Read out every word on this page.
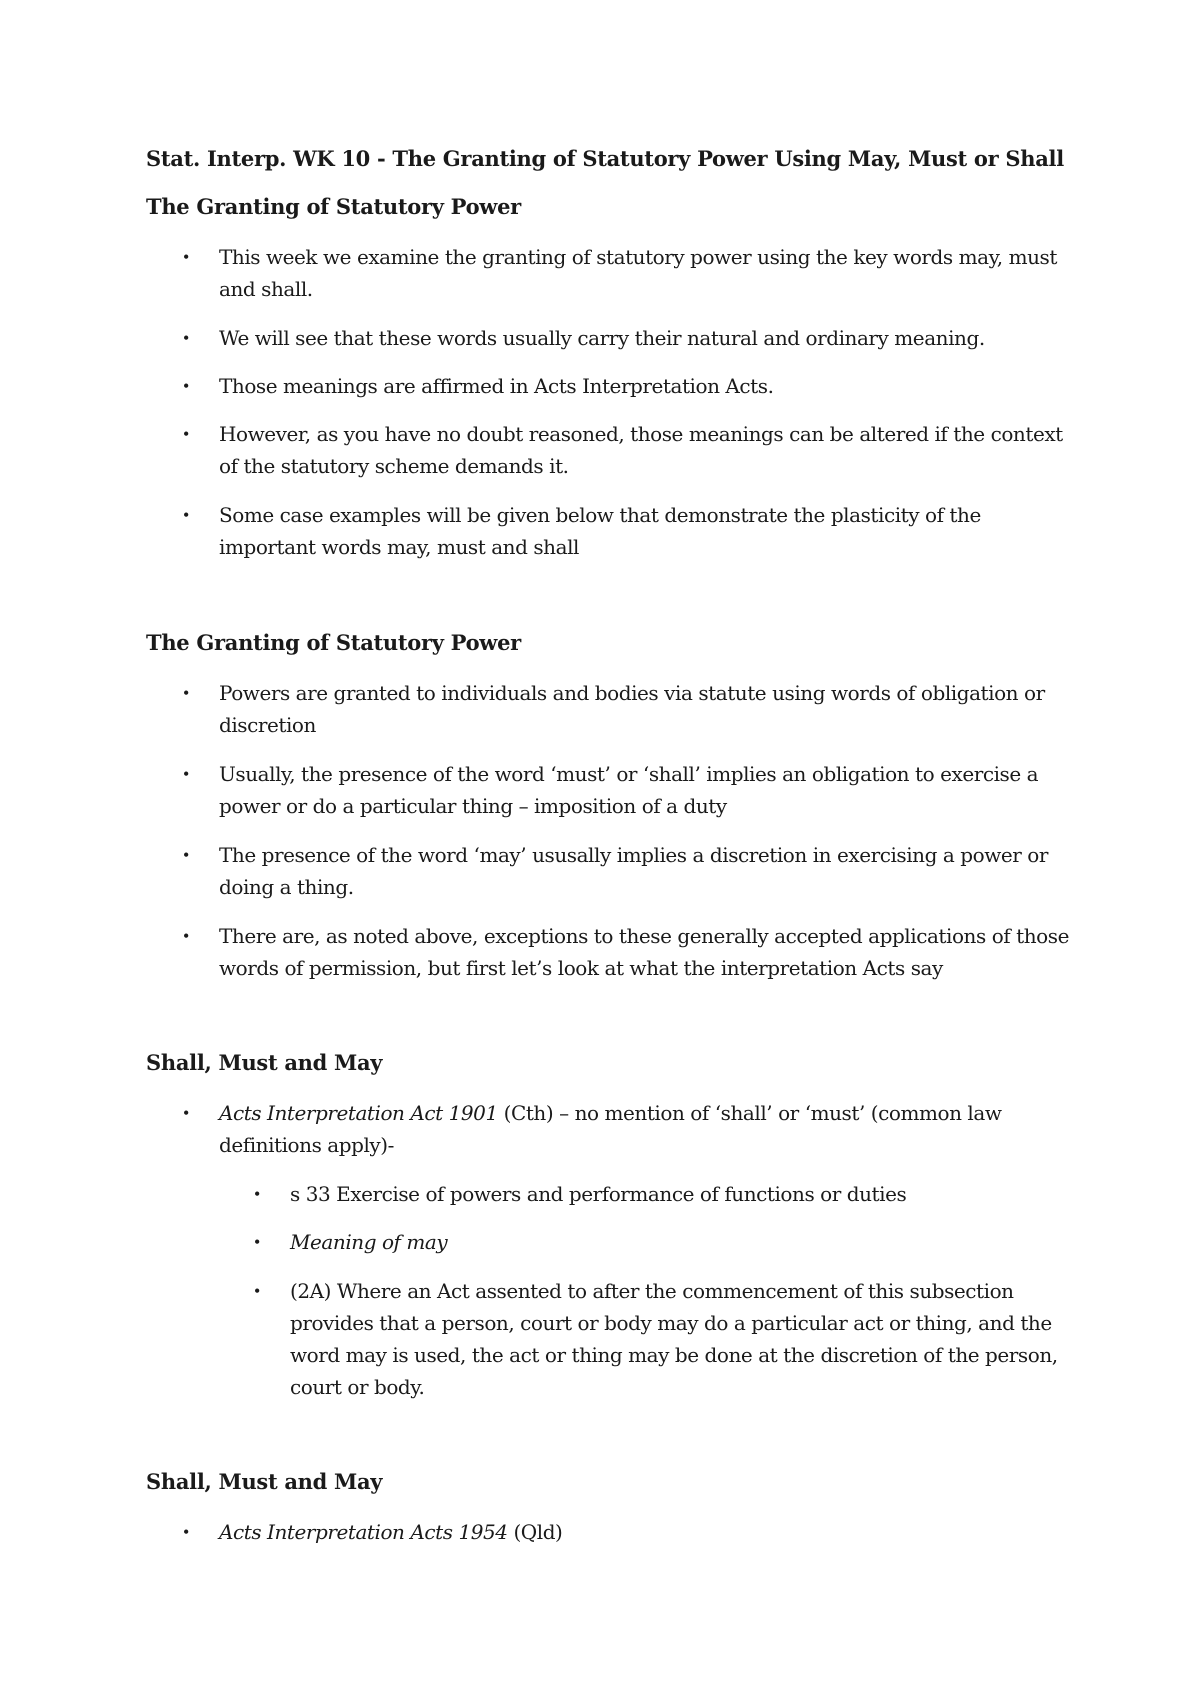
Stat. Interp. WK 10 - The Granting of Statutory Power Using May, Must or Shall
The Granting of Statutory Power
• This week we examine the granting of statutory power using the key words may, must and shall.
• We will see that these words usually carry their natural and ordinary meaning.
• Those meanings are affirmed in Acts Interpretation Acts.
• However, as you have no doubt reasoned, those meanings can be altered if the context of the statutory scheme demands it.
• Some case examples will be given below that demonstrate the plasticity of the important words may, must and shall
The Granting of Statutory Power
• Powers are granted to individuals and bodies via statute using words of obligation or discretion
• Usually, the presence of the word ‘must’ or ‘shall’ implies an obligation to exercise a power or do a particular thing – imposition of a duty
• The presence of the word ‘may’ ususally implies a discretion in exercising a power or doing a thing.
• There are, as noted above, exceptions to these generally accepted applications of those words of permission, but first let’s look at what the interpretation Acts say
Shall, Must and May
• Acts Interpretation Act 1901 (Cth) – no mention of ‘shall’ or ‘must’ (common law definitions apply)-
• s 33 Exercise of powers and performance of functions or duties
• Meaning of may
• (2A) Where an Act assented to after the commencement of this subsection provides that a person, court or body may do a particular act or thing, and the word may is used, the act or thing may be done at the discretion of the person, court or body.
Shall, Must and May
• Acts Interpretation Acts 1954 (Qld)
